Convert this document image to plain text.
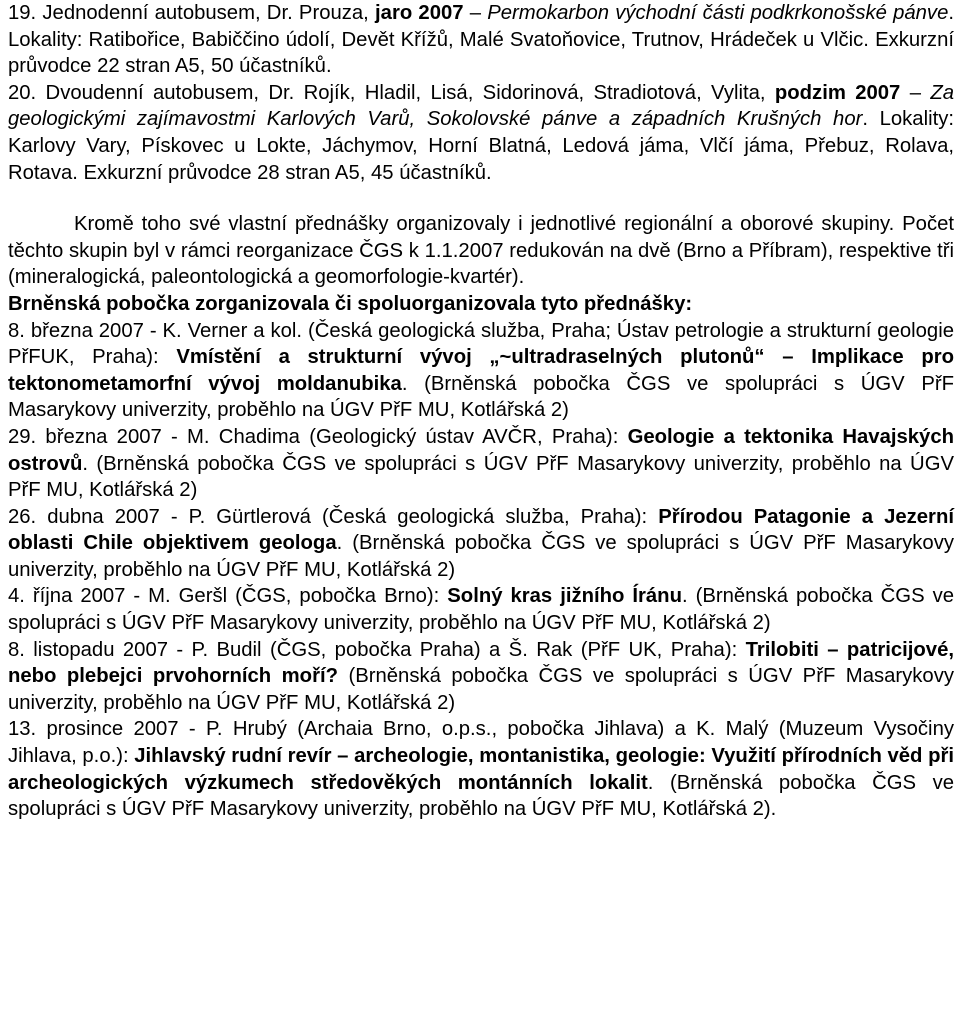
19. Jednodenní autobusem, Dr. Prouza, jaro 2007 – Permokarbon východní části podkrkonošské pánve. Lokality: Ratibořice, Babiččino údolí, Devět Křížů, Malé Svatoňovice, Trutnov, Hrádeček u Vlčic. Exkurzní průvodce 22 stran A5, 50 účastníků.

20. Dvoudenní autobusem, Dr. Rojík, Hladil, Lisá, Sidorinová, Stradiotová, Vylita, podzim 2007 – Za geologickými zajímavostmi Karlových Varů, Sokolovské pánve a západních Krušných hor. Lokality: Karlovy Vary, Pískovec u Lokte, Jáchymov, Horní Blatná, Ledová jáma, Vlčí jáma, Přebuz, Rolava, Rotava. Exkurzní průvodce 28 stran A5, 45 účastníků.

Kromě toho své vlastní přednášky organizovaly i jednotlivé regionální a oborové skupiny. Počet těchto skupin byl v rámci reorganizace ČGS k 1.1.2007 redukován na dvě (Brno a Příbram), respektive tři (mineralogická, paleontologická a geomorfologie-kvartér).

Brněnská pobočka zorganizovala či spoluorganizovala tyto přednášky:

8. března 2007 - K. Verner a kol. (Česká geologická služba, Praha; Ústav petrologie a strukturní geologie PřFUK, Praha): Vmístění a strukturní vývoj „~ultradraselných plutonů“ – Implikace pro tektonometamorfní vývoj moldanubika. (Brněnská pobočka ČGS ve spolupráci s ÚGV PřF Masarykovy univerzity, proběhlo na ÚGV PřF MU, Kotlářská 2)

29. března 2007 - M. Chadima (Geologický ústav AVČR, Praha): Geologie a tektonika Havajských ostrovů. (Brněnská pobočka ČGS ve spolupráci s ÚGV PřF Masarykovy univerzity, proběhlo na ÚGV PřF MU, Kotlářská 2)

26. dubna 2007 - P. Gürtlerová (Česká geologická služba, Praha): Přírodou Patagonie a Jezerní oblasti Chile objektivem geologa. (Brněnská pobočka ČGS ve spolupráci s ÚGV PřF Masarykovy univerzity, proběhlo na ÚGV PřF MU, Kotlářská 2)

4. října 2007 - M. Geršl (ČGS, pobočka Brno): Solný kras jižního Íránu. (Brněnská pobočka ČGS ve spolupráci s ÚGV PřF Masarykovy univerzity, proběhlo na ÚGV PřF MU, Kotlářská 2)

8. listopadu 2007 - P. Budil (ČGS, pobočka Praha) a Š. Rak (PřF UK, Praha): Trilobiti – patricijové, nebo plebejci prvohorních moří? (Brněnská pobočka ČGS ve spolupráci s ÚGV PřF Masarykovy univerzity, proběhlo na ÚGV PřF MU, Kotlářská 2)

13. prosince 2007 - P. Hrubý (Archaia Brno, o.p.s., pobočka Jihlava) a K. Malý (Muzeum Vysočiny Jihlava, p.o.): Jihlavský rudní revír – archeologie, montanistika, geologie: Využití přírodních věd při archeologických výzkumech středověkých montánních lokalit. (Brněnská pobočka ČGS ve spolupráci s ÚGV PřF Masarykovy univerzity, proběhlo na ÚGV PřF MU, Kotlářská 2).
